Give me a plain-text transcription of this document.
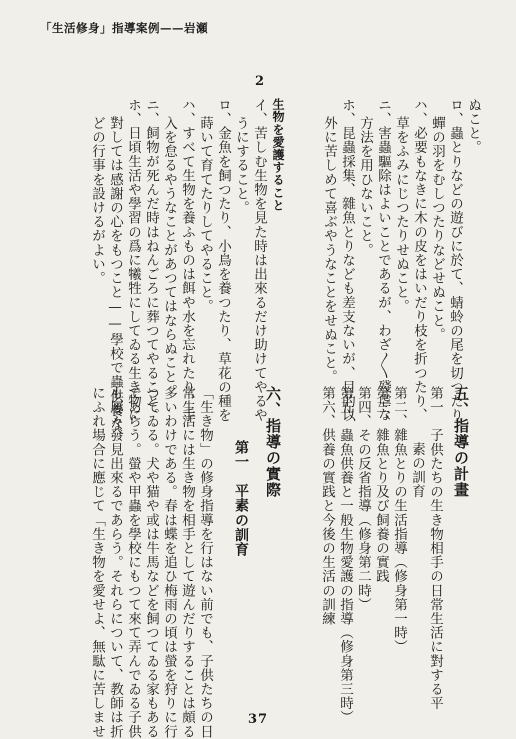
「生活修身」指導案例——岩瀬
2
ぬこと。
ロ、蟲とりなどの遊びに於て、蜻蛉の尾を切つたり
蟬の羽をむしつたりなどせぬこと。
ハ、必要もなきに木の皮をはいだり枝を折つたり、
草をふみにじつたりせぬこと。
ニ、害蟲驅除はよいことであるが、わざ〳〵殘虐な
方法を用ひないこと。
ホ、昆蟲採集、雜魚とりなども差支ないが、目的以
外に苦しめて喜ぶやうなことをせぬこと。
生物を愛護すること
イ、苦しむ生物を見た時は出來るだけ助けてやるや
うにすること。
ロ、金魚を飼つたり、小鳥を養つたり、草花の種を
蒔いて育てたりしてやること。
ハ、すべて生物を養ふものは餌や水を忘れたり、手
入を怠るやうなことがあつてはならぬこと。
ニ、飼物が死んだ時はねんごろに葬つてやること。
ホ、日頃生活や學習の爲に犧牲にしてゐる生き物に
對しては感謝の心をもつこと——學校で蟲供養な
どの行事を設けるがよい。
五、指導の計畫
第一　子供たちの生き物相手の日常生活に對する平
素の訓育
第二、雜魚とりの生活指導（修身第一時）
第三、雜魚とり及び飼養の實践
第四、その反省指導（修身第二時）
第五、蟲魚供養と一般生物愛護の指導（修身第三時）
第六、供養の實践と今後の生活の訓練
六、指導の實際
第一　平素の訓育
「生き物」の修身指導を行はない前でも、子供たちの日
常生活には生き物を相手として遊んだりすることは頗る
多いわけである。春は蝶を追ひ梅雨の頃は螢を狩りに行
つてゐる。犬や猫や或は牛馬などを飼つてゐる家もある
であらう。螢や甲蟲を學校にもつて來て弄んでゐる子供
も屢々發見出來るであらう。それらについて、教師は折
にふれ場合に應じて「生き物を愛せよ、無駄に苦しませ	37
